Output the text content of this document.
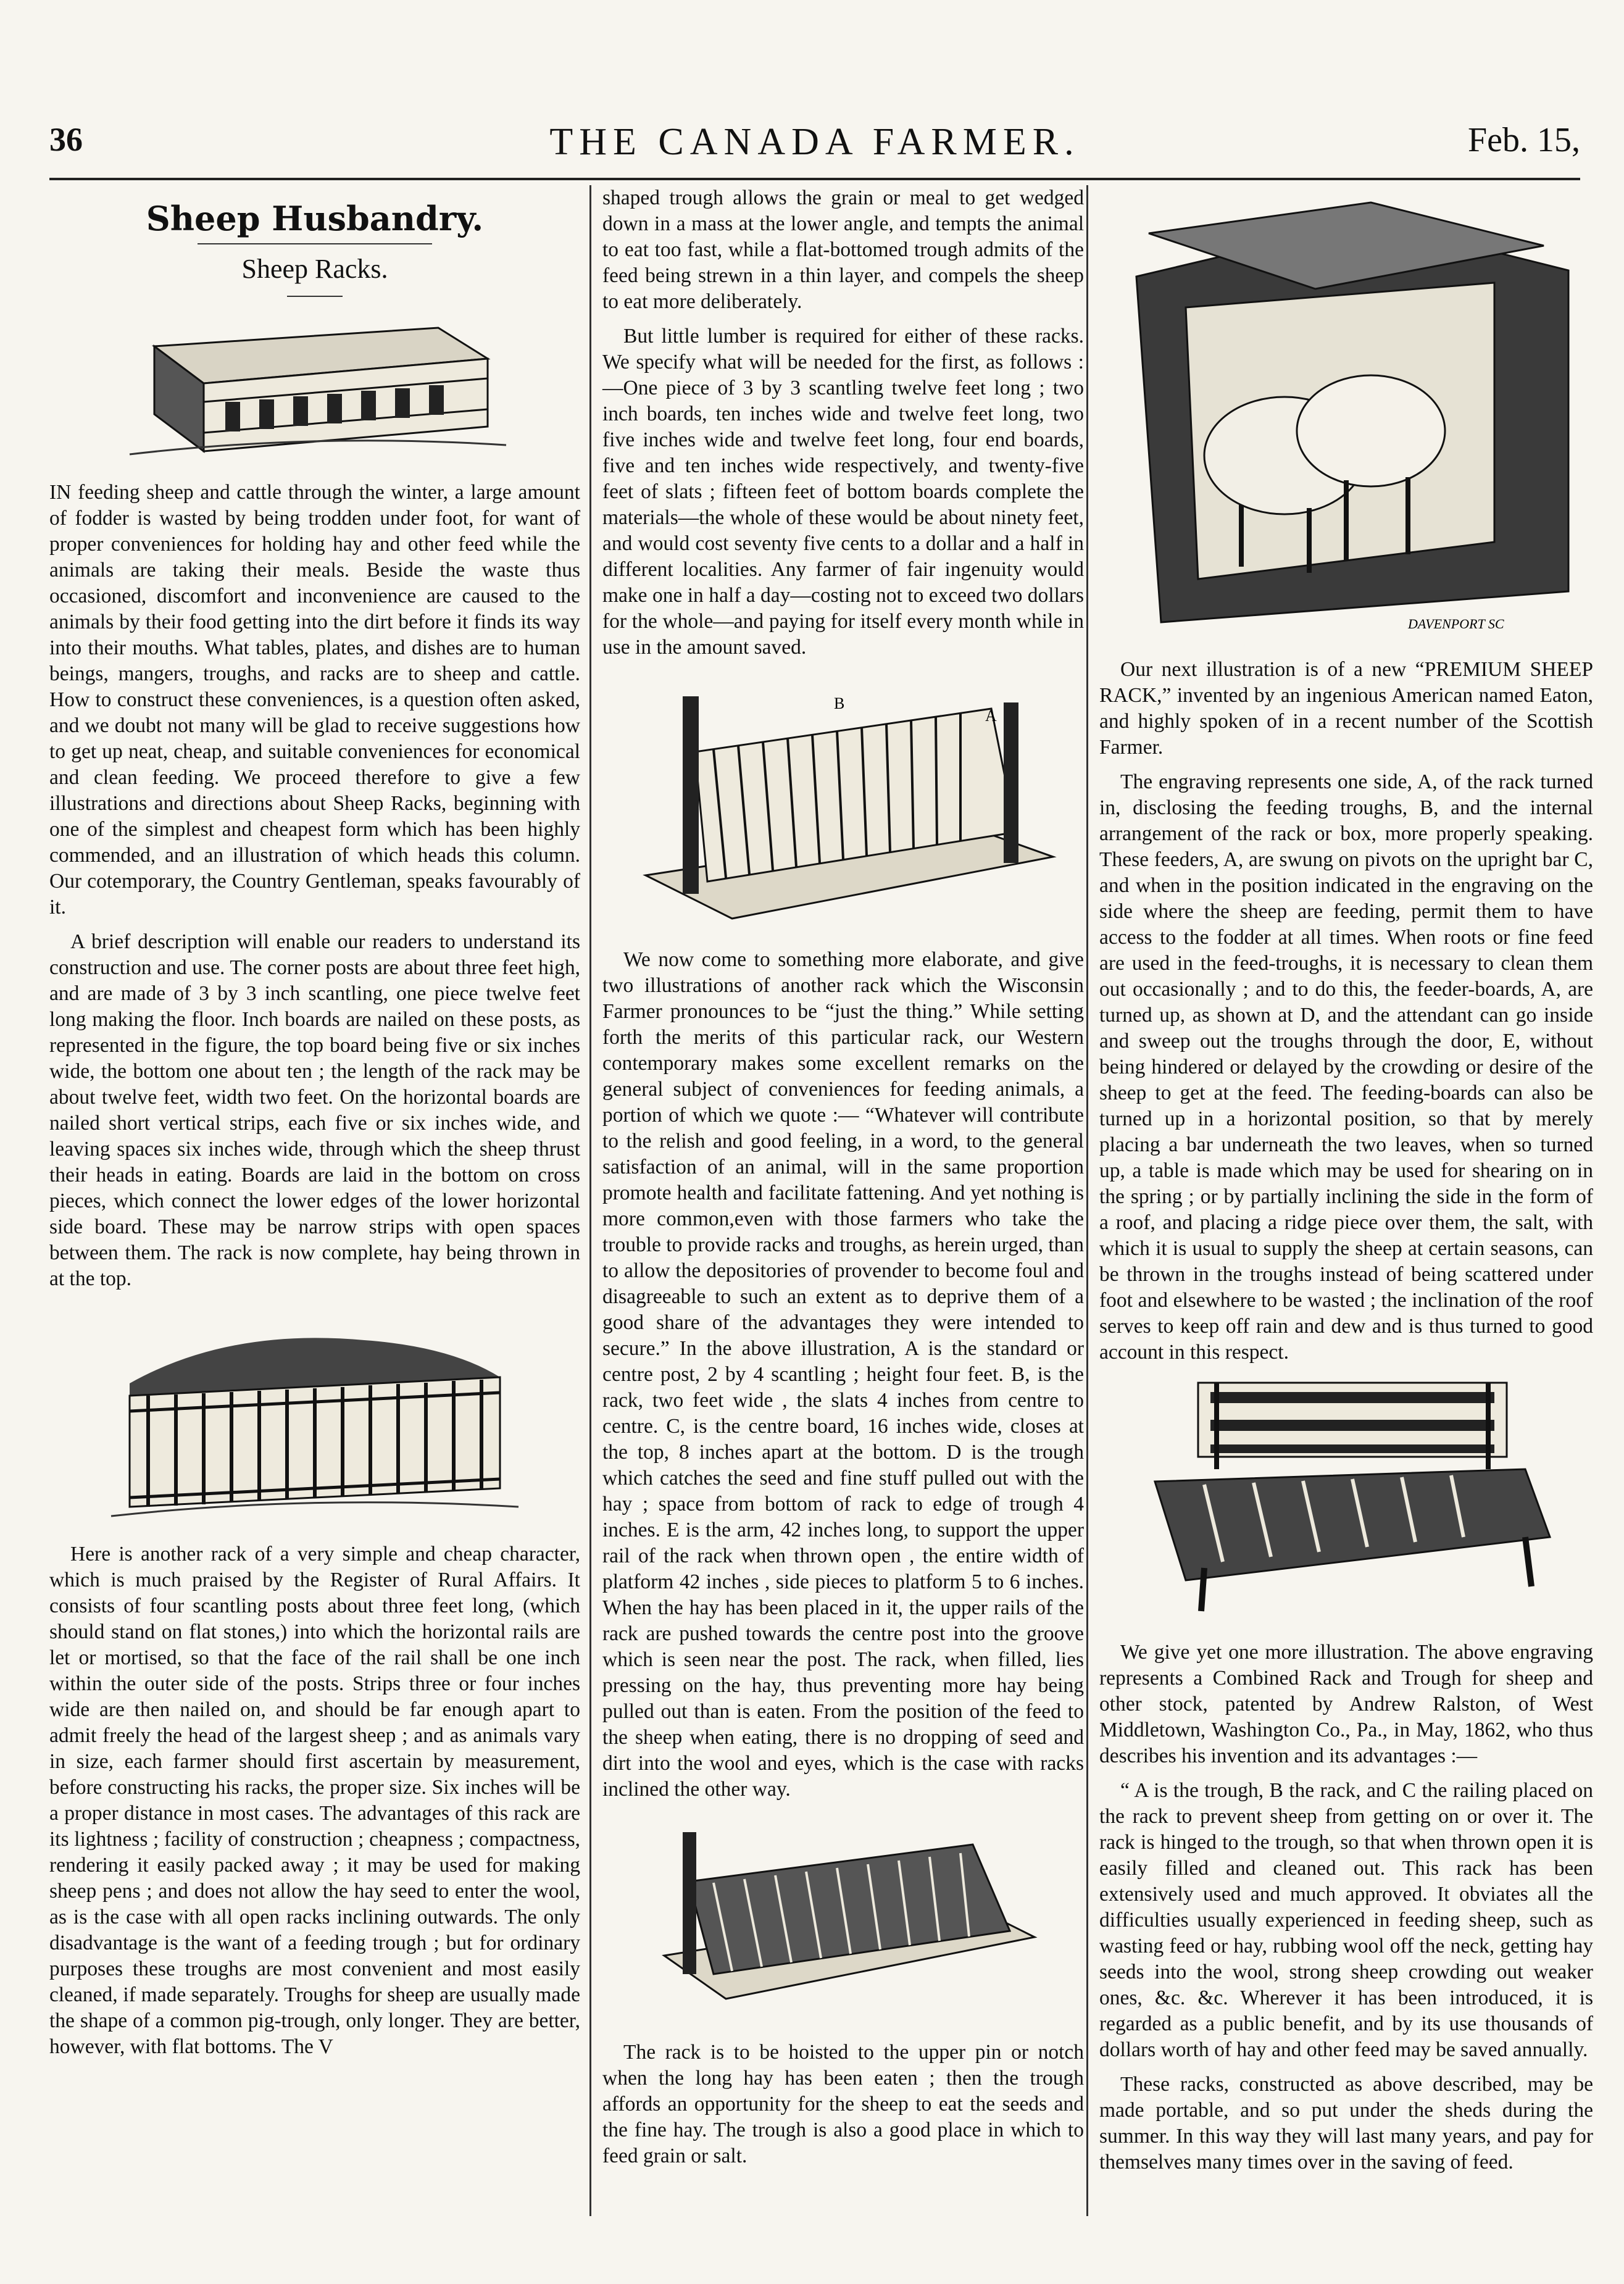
36	THE CANADA FARMER.	Feb. 15,
Sheep Husbandry.
Sheep Racks.

IN feeding sheep and cattle through the winter, a large amount of fodder is wasted by being trodden under foot, for want of proper conveniences for holding hay and other feed while the animals are taking their meals. Beside the waste thus occasioned, discomfort and inconvenience are caused to the animals by their food getting into the dirt before it finds its way into their mouths. What tables, plates, and dishes are to human beings, mangers, troughs, and racks are to sheep and cattle. How to construct these conveniences, is a question often asked, and we doubt not many will be glad to receive suggestions how to get up neat, cheap, and suitable conveniences for economical and clean feeding. We proceed therefore to give a few illustrations and directions about Sheep Racks, beginning with one of the simplest and cheapest form which has been highly commended, and an illustration of which heads this column. Our cotemporary, the Country Gentleman, speaks favourably of it.

A brief description will enable our readers to understand its construction and use. The corner posts are about three feet high, and are made of 3 by 3 inch scantling, one piece twelve feet long making the floor. Inch boards are nailed on these posts, as represented in the figure, the top board being five or six inches wide, the bottom one about ten ; the length of the rack may be about twelve feet, width two feet. On the horizontal boards are nailed short vertical strips, each five or six inches wide, and leaving spaces six inches wide, through which the sheep thrust their heads in eating. Boards are laid in the bottom on cross pieces, which connect the lower edges of the lower horizontal side board. These may be narrow strips with open spaces between them. The rack is now complete, hay being thrown in at the top.

Here is another rack of a very simple and cheap character, which is much praised by the Register of Rural Affairs. It consists of four scantling posts about three feet long, (which should stand on flat stones,) into which the horizontal rails are let or mortised, so that the face of the rail shall be one inch within the outer side of the posts. Strips three or four inches wide are then nailed on, and should be far enough apart to admit freely the head of the largest sheep ; and as animals vary in size, each farmer should first ascertain by measurement, before constructing his racks, the proper size. Six inches will be a proper distance in most cases. The advantages of this rack are its lightness ; facility of construction ; cheapness ; compactness, rendering it easily packed away ; it may be used for making sheep pens ; and does not allow the hay seed to enter the wool, as is the case with all open racks inclining outwards. The only disadvantage is the want of a feeding trough ; but for ordinary purposes these troughs are most convenient and most easily cleaned, if made separately. Troughs for sheep are usually made the shape of a common pig-trough, only longer. They are better, however, with flat bottoms. The V

shaped trough allows the grain or meal to get wedged down in a mass at the lower angle, and tempts the animal to eat too fast, while a flat-bottomed trough admits of the feed being strewn in a thin layer, and compels the sheep to eat more deliberately.

But little lumber is required for either of these racks. We specify what will be needed for the first, as follows :—One piece of 3 by 3 scantling twelve feet long ; two inch boards, ten inches wide and twelve feet long, two five inches wide and twelve feet long, four end boards, five and ten inches wide respectively, and twenty-five feet of slats ; fifteen feet of bottom boards complete the materials—the whole of these would be about ninety feet, and would cost seventy five cents to a dollar and a half in different localities. Any farmer of fair ingenuity would make one in half a day—costing not to exceed two dollars for the whole—and paying for itself every month while in use in the amount saved.

B
A

We now come to something more elaborate, and give two illustrations of another rack which the Wisconsin Farmer pronounces to be “just the thing.” While setting forth the merits of this particular rack, our Western contemporary makes some excellent remarks on the general subject of conveniences for feeding animals, a portion of which we quote :— “Whatever will contribute to the relish and good feeling, in a word, to the general satisfaction of an animal, will in the same proportion promote health and facilitate fattening. And yet nothing is more common,even with those farmers who take the trouble to provide racks and troughs, as herein urged, than to allow the depositories of provender to become foul and disagreeable to such an extent as to deprive them of a good share of the advantages they were intended to secure.” In the above illustration, A is the standard or centre post, 2 by 4 scantling ; height four feet. B, is the rack, two feet wide , the slats 4 inches from centre to centre. C, is the centre board, 16 inches wide, closes at the top, 8 inches apart at the bottom. D is the trough which catches the seed and fine stuff pulled out with the hay ; space from bottom of rack to edge of trough 4 inches. E is the arm, 42 inches long, to support the upper rail of the rack when thrown open , the entire width of platform 42 inches , side pieces to platform 5 to 6 inches. When the hay has been placed in it, the upper rails of the rack are pushed towards the centre post into the groove which is seen near the post. The rack, when filled, lies pressing on the hay, thus preventing more hay being pulled out than is eaten. From the position of the feed to the sheep when eating, there is no dropping of seed and dirt into the wool and eyes, which is the case with racks inclined the other way.

The rack is to be hoisted to the upper pin or notch when the long hay has been eaten ; then the trough affords an opportunity for the sheep to eat the seeds and the fine hay. The trough is also a good place in which to feed grain or salt.

DAVENPORT SC

Our next illustration is of a new “PREMIUM SHEEP RACK,” invented by an ingenious American named Eaton, and highly spoken of in a recent number of the Scottish Farmer.

The engraving represents one side, A, of the rack turned in, disclosing the feeding troughs, B, and the internal arrangement of the rack or box, more properly speaking. These feeders, A, are swung on pivots on the upright bar C, and when in the position indicated in the engraving on the side where the sheep are feeding, permit them to have access to the fodder at all times. When roots or fine feed are used in the feed-troughs, it is necessary to clean them out occasionally ; and to do this, the feeder-boards, A, are turned up, as shown at D, and the attendant can go inside and sweep out the troughs through the door, E, without being hindered or delayed by the crowding or desire of the sheep to get at the feed. The feeding-boards can also be turned up in a horizontal position, so that by merely placing a bar underneath the two leaves, when so turned up, a table is made which may be used for shearing on in the spring ; or by partially inclining the side in the form of a roof, and placing a ridge piece over them, the salt, with which it is usual to supply the sheep at certain seasons, can be thrown in the troughs instead of being scattered under foot and elsewhere to be wasted ; the inclination of the roof serves to keep off rain and dew and is thus turned to good account in this respect.

We give yet one more illustration. The above engraving represents a Combined Rack and Trough for sheep and other stock, patented by Andrew Ralston, of West Middletown, Washington Co., Pa., in May, 1862, who thus describes his invention and its advantages :—

“ A is the trough, B the rack, and C the railing placed on the rack to prevent sheep from getting on or over it. The rack is hinged to the trough, so that when thrown open it is easily filled and cleaned out. This rack has been extensively used and much approved. It obviates all the difficulties usually experienced in feeding sheep, such as wasting feed or hay, rubbing wool off the neck, getting hay seeds into the wool, strong sheep crowding out weaker ones, &c. &c. Wherever it has been introduced, it is regarded as a public benefit, and by its use thousands of dollars worth of hay and other feed may be saved annually.

These racks, constructed as above described, may be made portable, and so put under the sheds during the summer. In this way they will last many years, and pay for themselves many times over in the saving of feed.
